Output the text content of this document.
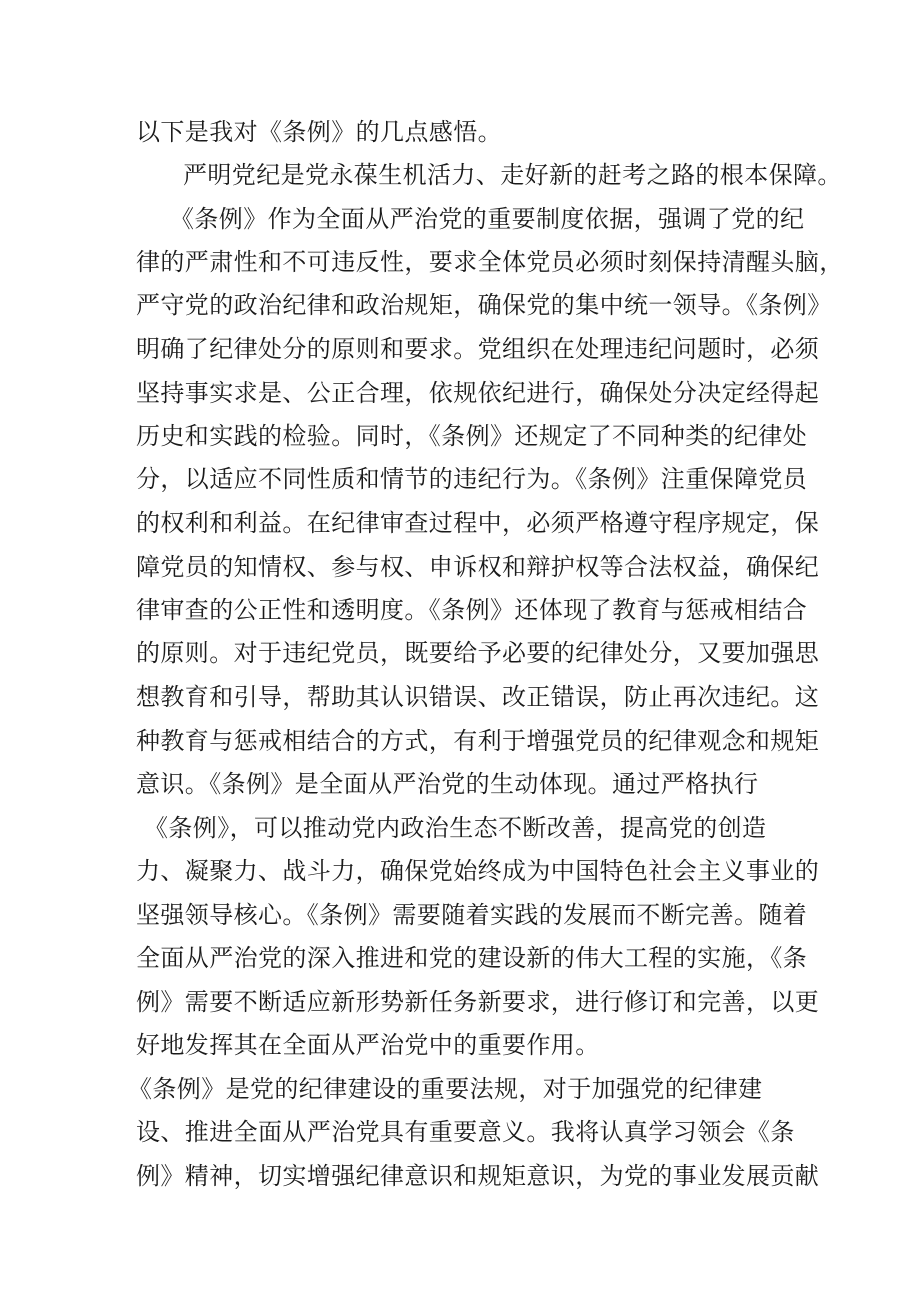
以下是我对《条例》的几点感悟。
严明党纪是党永葆生机活力、走好新的赶考之路的根本保障。
《条例》作为全面从严治党的重要制度依据，强调了党的纪
律的严肃性和不可违反性，要求全体党员必须时刻保持清醒头脑，
严守党的政治纪律和政治规矩，确保党的集中统一领导。《条例》
明确了纪律处分的原则和要求。党组织在处理违纪问题时，必须
坚持事实求是、公正合理，依规依纪进行，确保处分决定经得起
历史和实践的检验。同时，《条例》还规定了不同种类的纪律处
分，以适应不同性质和情节的违纪行为。《条例》注重保障党员
的权利和利益。在纪律审查过程中，必须严格遵守程序规定，保
障党员的知情权、参与权、申诉权和辩护权等合法权益，确保纪
律审查的公正性和透明度。《条例》还体现了教育与惩戒相结合
的原则。对于违纪党员，既要给予必要的纪律处分，又要加强思
想教育和引导，帮助其认识错误、改正错误，防止再次违纪。这
种教育与惩戒相结合的方式，有利于增强党员的纪律观念和规矩
意识。《条例》是全面从严治党的生动体现。通过严格执行
《条例》，可以推动党内政治生态不断改善，提高党的创造
力、凝聚力、战斗力，确保党始终成为中国特色社会主义事业的
坚强领导核心。《条例》需要随着实践的发展而不断完善。随着
全面从严治党的深入推进和党的建设新的伟大工程的实施，《条
例》需要不断适应新形势新任务新要求，进行修订和完善，以更
好地发挥其在全面从严治党中的重要作用。
《条例》是党的纪律建设的重要法规，对于加强党的纪律建
设、推进全面从严治党具有重要意义。我将认真学习领会《条
例》精神，切实增强纪律意识和规矩意识，为党的事业发展贡献
